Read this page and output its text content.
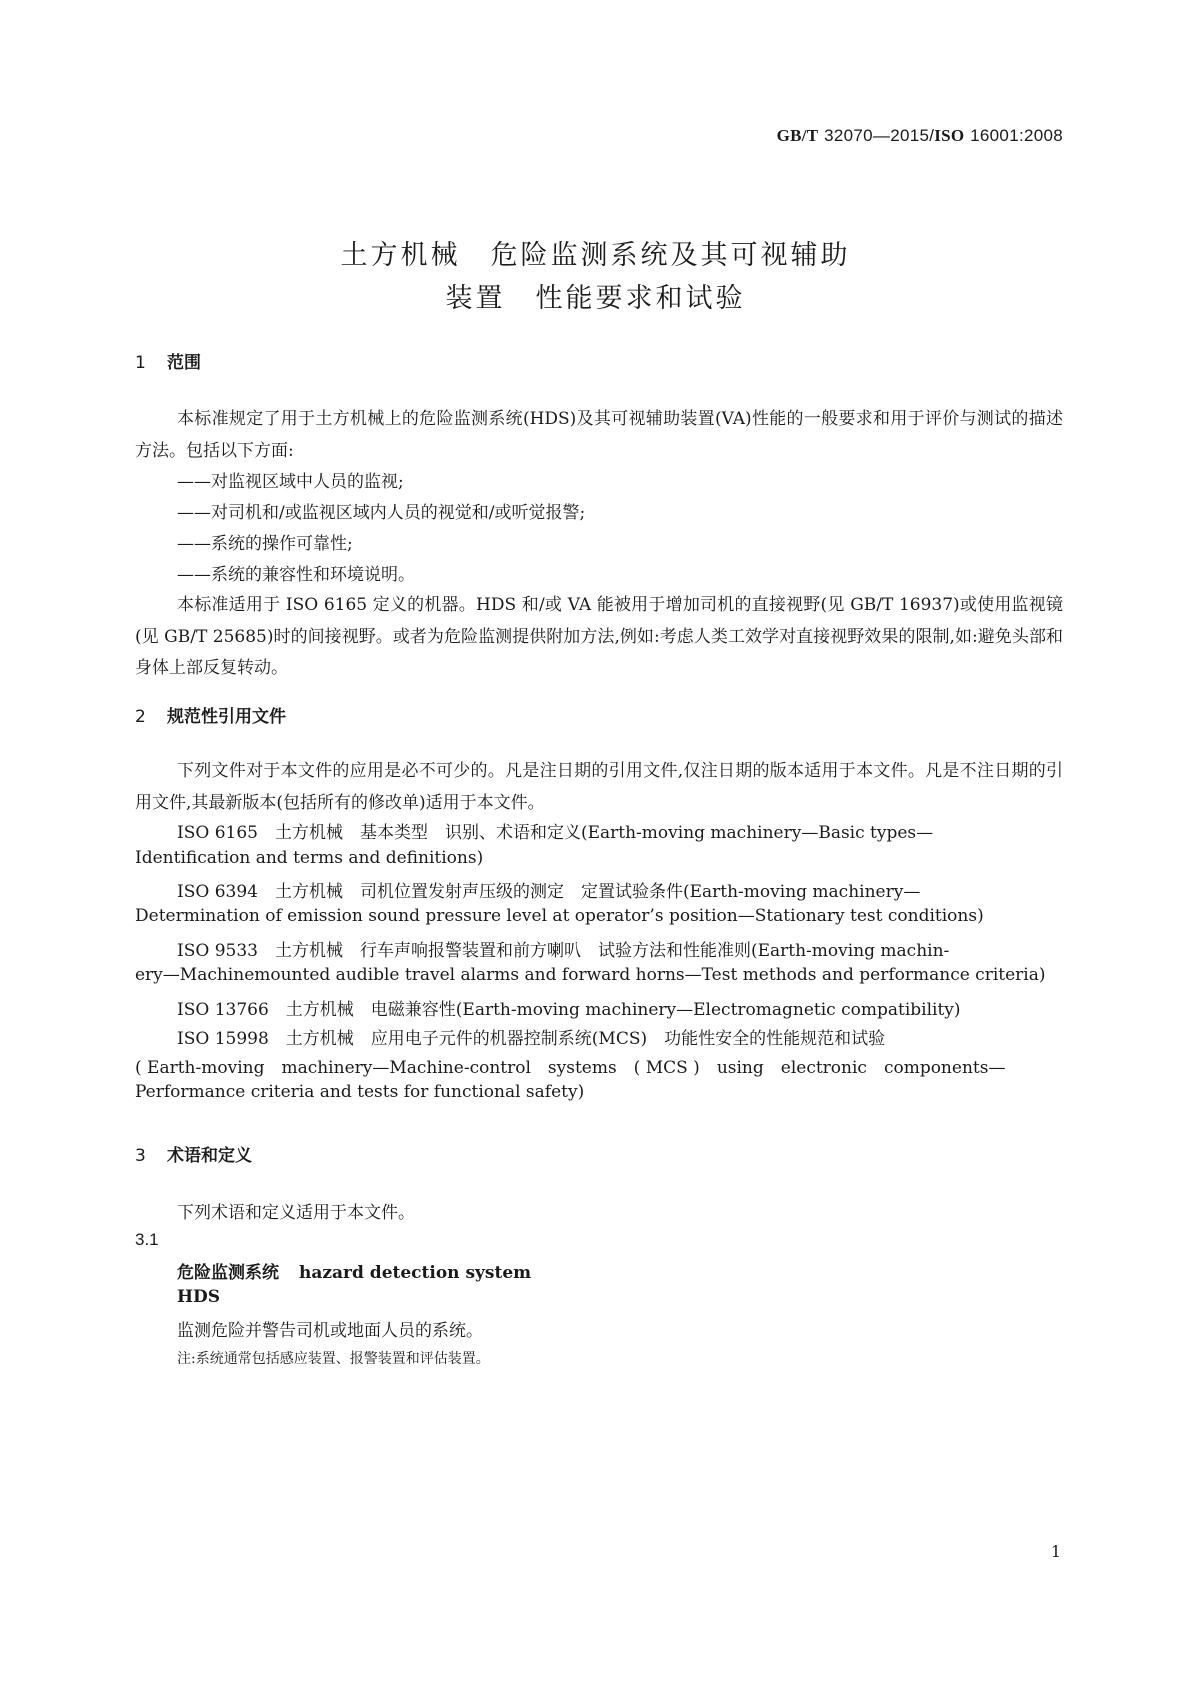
GB/T 32070—2015/ISO 16001:2008
土方机械　危险监测系统及其可视辅助
装置　性能要求和试验
1 范围
本标准规定了用于土方机械上的危险监测系统(HDS)及其可视辅助装置(VA)性能的一般要求和用于评价与测试的描述方法。包括以下方面:
——对监视区域中人员的监视;
——对司机和/或监视区域内人员的视觉和/或听觉报警;
——系统的操作可靠性;
——系统的兼容性和环境说明。
本标准适用于 ISO 6165 定义的机器。HDS 和/或 VA 能被用于增加司机的直接视野(见 GB/T 16937)或使用监视镜(见 GB/T 25685)时的间接视野。或者为危险监测提供附加方法,例如:考虑人类工效学对直接视野效果的限制,如:避免头部和身体上部反复转动。
2 规范性引用文件
下列文件对于本文件的应用是必不可少的。凡是注日期的引用文件,仅注日期的版本适用于本文件。凡是不注日期的引用文件,其最新版本(包括所有的修改单)适用于本文件。
ISO 6165　土方机械　基本类型　识别、术语和定义(Earth-moving machinery—Basic types—
Identification and terms and definitions)
ISO 6394　土方机械　司机位置发射声压级的测定　定置试验条件(Earth-moving machinery—
Determination of emission sound pressure level at operator’s position—Stationary test conditions)
ISO 9533　土方机械　行车声响报警装置和前方喇叭　试验方法和性能准则(Earth-moving machin-
ery—Machinemounted audible travel alarms and forward horns—Test methods and performance criteria)
ISO 13766　土方机械　电磁兼容性(Earth-moving machinery—Electromagnetic compatibility)
ISO 15998　土方机械　应用电子元件的机器控制系统(MCS)　功能性安全的性能规范和试验
( Earth-moving　machinery—Machine-control　systems　( MCS )　using　electronic　components—
Performance criteria and tests for functional safety)
3 术语和定义
下列术语和定义适用于本文件。
3.1
危险监测系统 hazard detection system
HDS
监测危险并警告司机或地面人员的系统。
注:系统通常包括感应装置、报警装置和评估装置。
1
